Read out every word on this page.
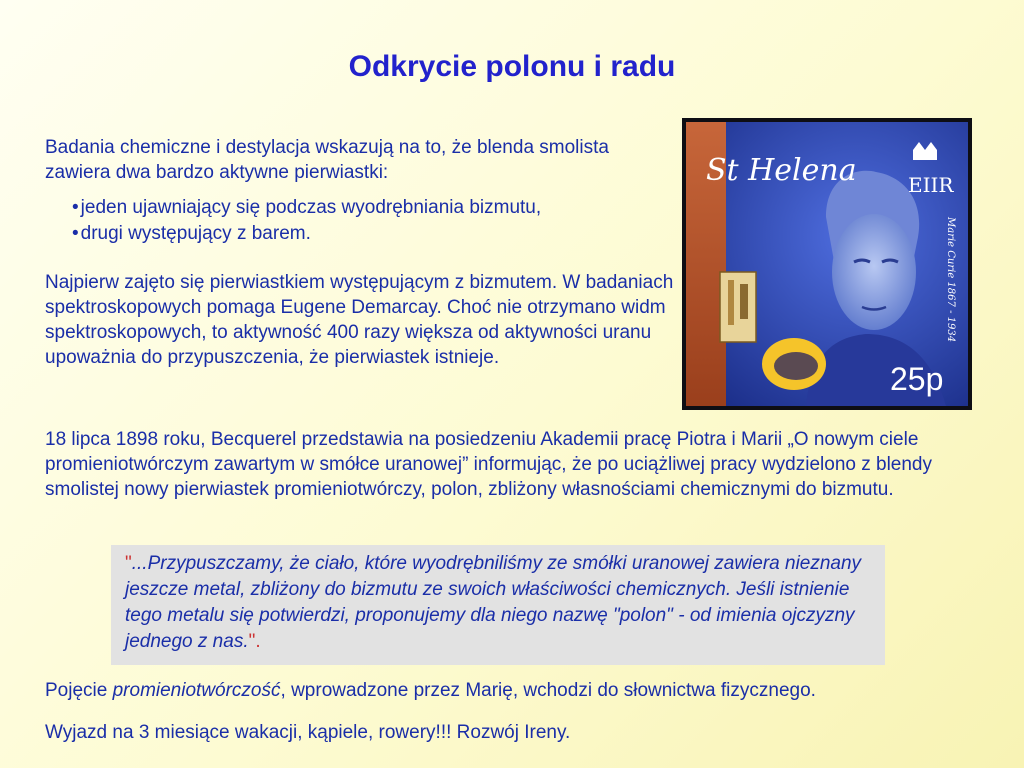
Odkrycie polonu i radu

Badania chemiczne i destylacja wskazują na to, że blenda smolista zawiera dwa bardzo aktywne pierwiastki:

• jeden ujawniający się podczas wyodrębniania bizmutu,
• drugi występujący z barem.

Najpierw zajęto się pierwiastkiem występującym z bizmutem. W badaniach spektroskopowych pomaga Eugene Demarcay. Choć nie otrzymano widm spektroskopowych, to aktywność 400 razy większa od aktywności uranu upoważnia do przypuszczenia, że pierwiastek istnieje.

18 lipca 1898 roku, Becquerel przedstawia na posiedzeniu Akademii pracę Piotra i Marii „O nowym ciele promieniotwórczym zawartym w smółce uranowej” informując, że po uciążliwej pracy wydzielono z blendy smolistej nowy pierwiastek promieniotwórczy, polon, zbliżony własnościami chemicznymi do bizmutu.

"...Przypuszczamy, że ciało, które wyodrębniliśmy ze smółki uranowej zawiera nieznany jeszcze metal, zbliżony do bizmutu ze swoich właściwości chemicznych. Jeśli istnienie tego metalu się potwierdzi, proponujemy dla niego nazwę "polon" - od imienia ojczyzny jednego z nas.".

Pojęcie promieniotwórczość, wprowadzone przez Marię, wchodzi do słownictwa fizycznego.

Wyjazd na 3 miesiące wakacji, kąpiele, rowery!!! Rozwój Ireny.

St Helena	EIIR
Marie Curie 1867 - 1934
25p
